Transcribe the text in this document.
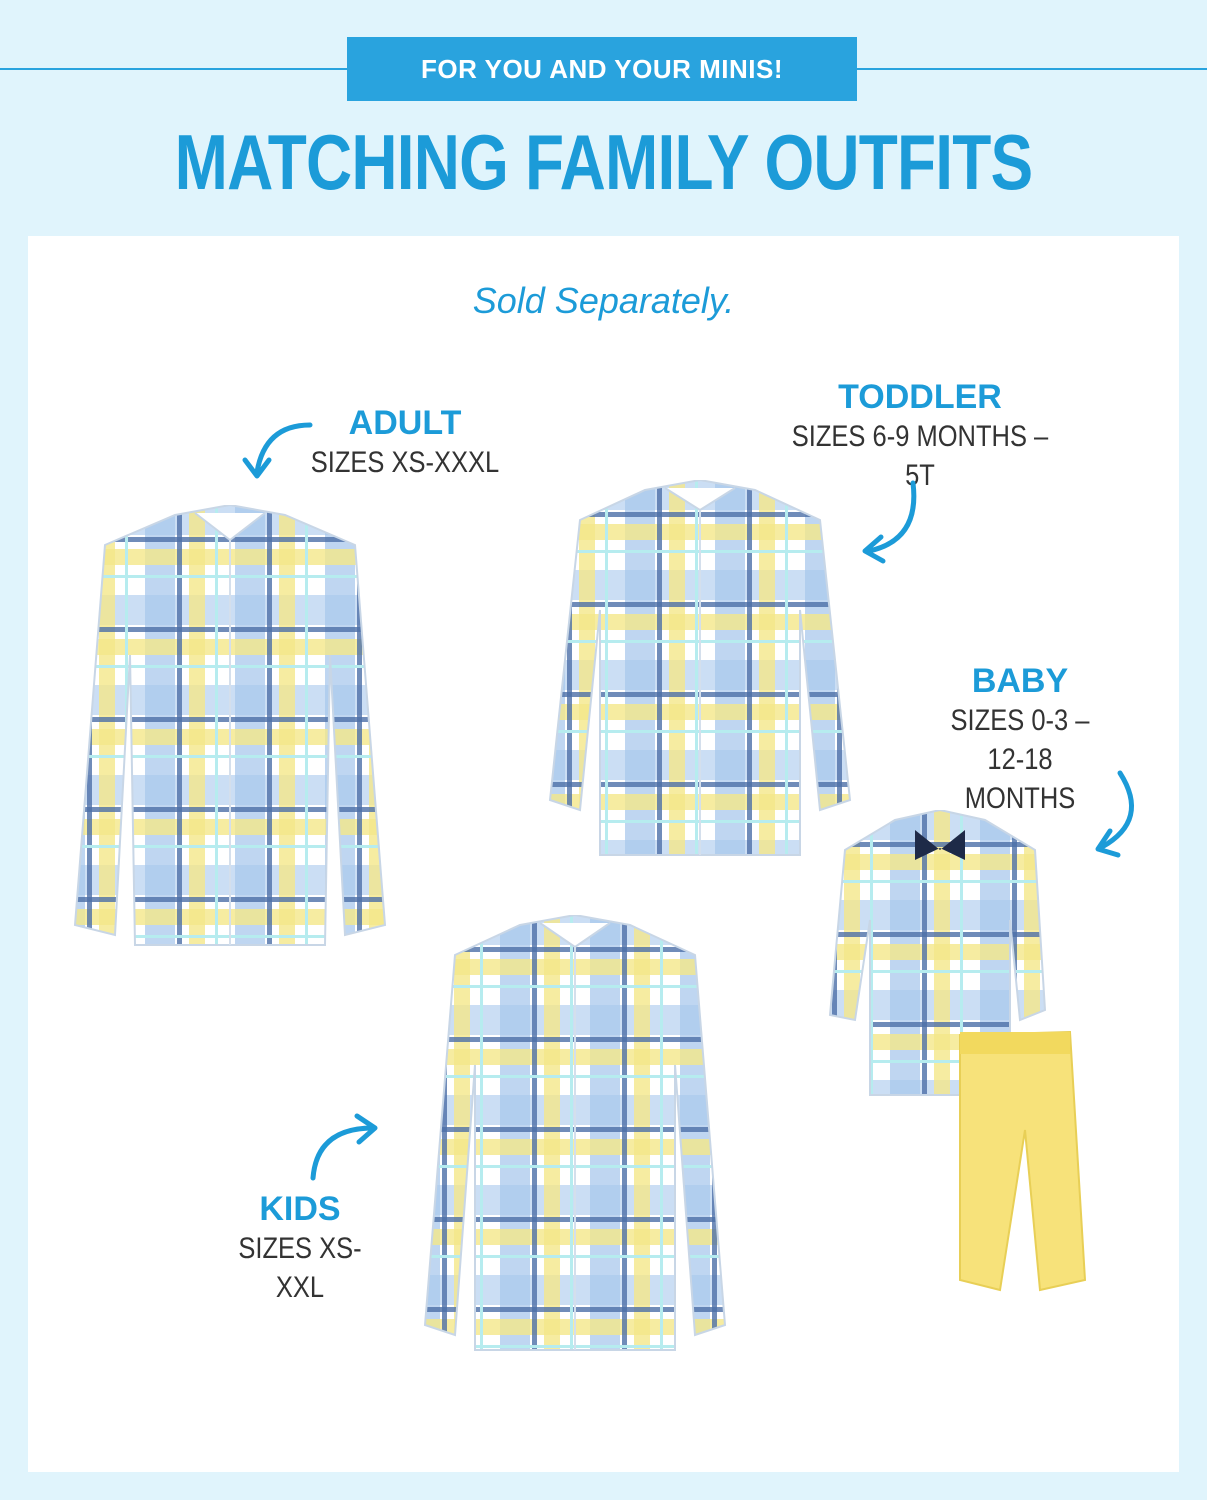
FOR YOU AND YOUR MINIS!
MATCHING FAMILY OUTFITS
Sold Separately.
ADULT
SIZES XS-XXXL
TODDLER
SIZES 6-9 MONTHS – 5T
BABY
SIZES 0-3 –
12-18 MONTHS
KIDS
SIZES XS-XXL
